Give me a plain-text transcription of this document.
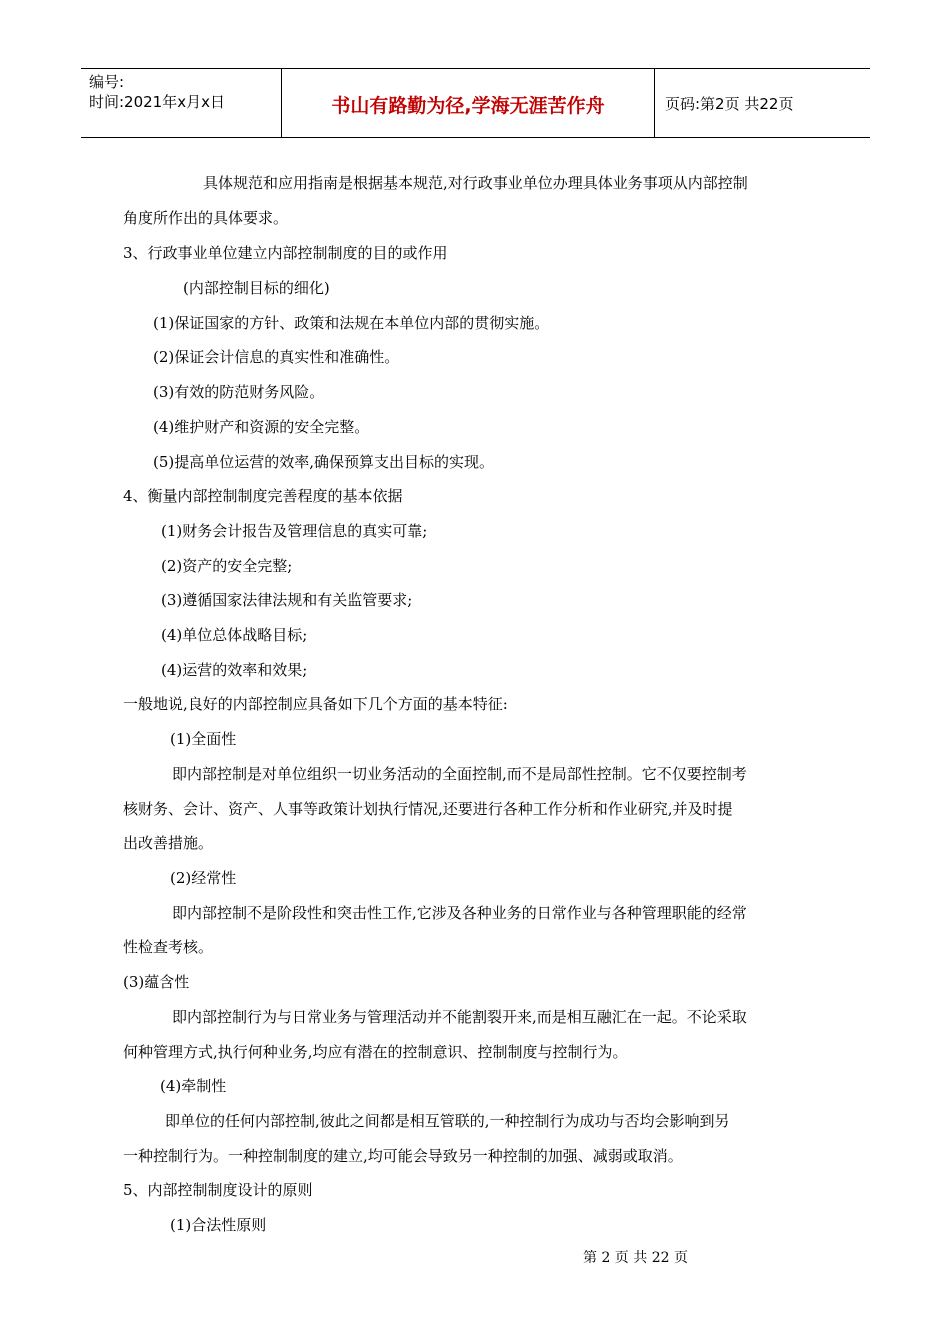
编号:
时间:2021年x月x日	书山有路勤为径,学海无涯苦作舟	页码:第2页 共22页
具体规范和应用指南是根据基本规范,对行政事业单位办理具体业务事项从内部控制
角度所作出的具体要求。
3、行政事业单位建立内部控制制度的目的或作用
(内部控制目标的细化)
(1)保证国家的方针、政策和法规在本单位内部的贯彻实施。
(2)保证会计信息的真实性和准确性。
(3)有效的防范财务风险。
(4)维护财产和资源的安全完整。
(5)提高单位运营的效率,确保预算支出目标的实现。
4、衡量内部控制制度完善程度的基本依据
(1)财务会计报告及管理信息的真实可靠;
(2)资产的安全完整;
(3)遵循国家法律法规和有关监管要求;
(4)单位总体战略目标;
(4)运营的效率和效果;
一般地说,良好的内部控制应具备如下几个方面的基本特征:
(1)全面性
即内部控制是对单位组织一切业务活动的全面控制,而不是局部性控制。它不仅要控制考
核财务、会计、资产、人事等政策计划执行情况,还要进行各种工作分析和作业研究,并及时提
出改善措施。
(2)经常性
即内部控制不是阶段性和突击性工作,它涉及各种业务的日常作业与各种管理职能的经常
性检查考核。
(3)蕴含性
即内部控制行为与日常业务与管理活动并不能割裂开来,而是相互融汇在一起。不论采取
何种管理方式,执行何种业务,均应有潜在的控制意识、控制制度与控制行为。
(4)牵制性
即单位的任何内部控制,彼此之间都是相互管联的,一种控制行为成功与否均会影响到另
一种控制行为。一种控制制度的建立,均可能会导致另一种控制的加强、减弱或取消。
5、内部控制制度设计的原则
(1)合法性原则
第 2 页 共 22 页
